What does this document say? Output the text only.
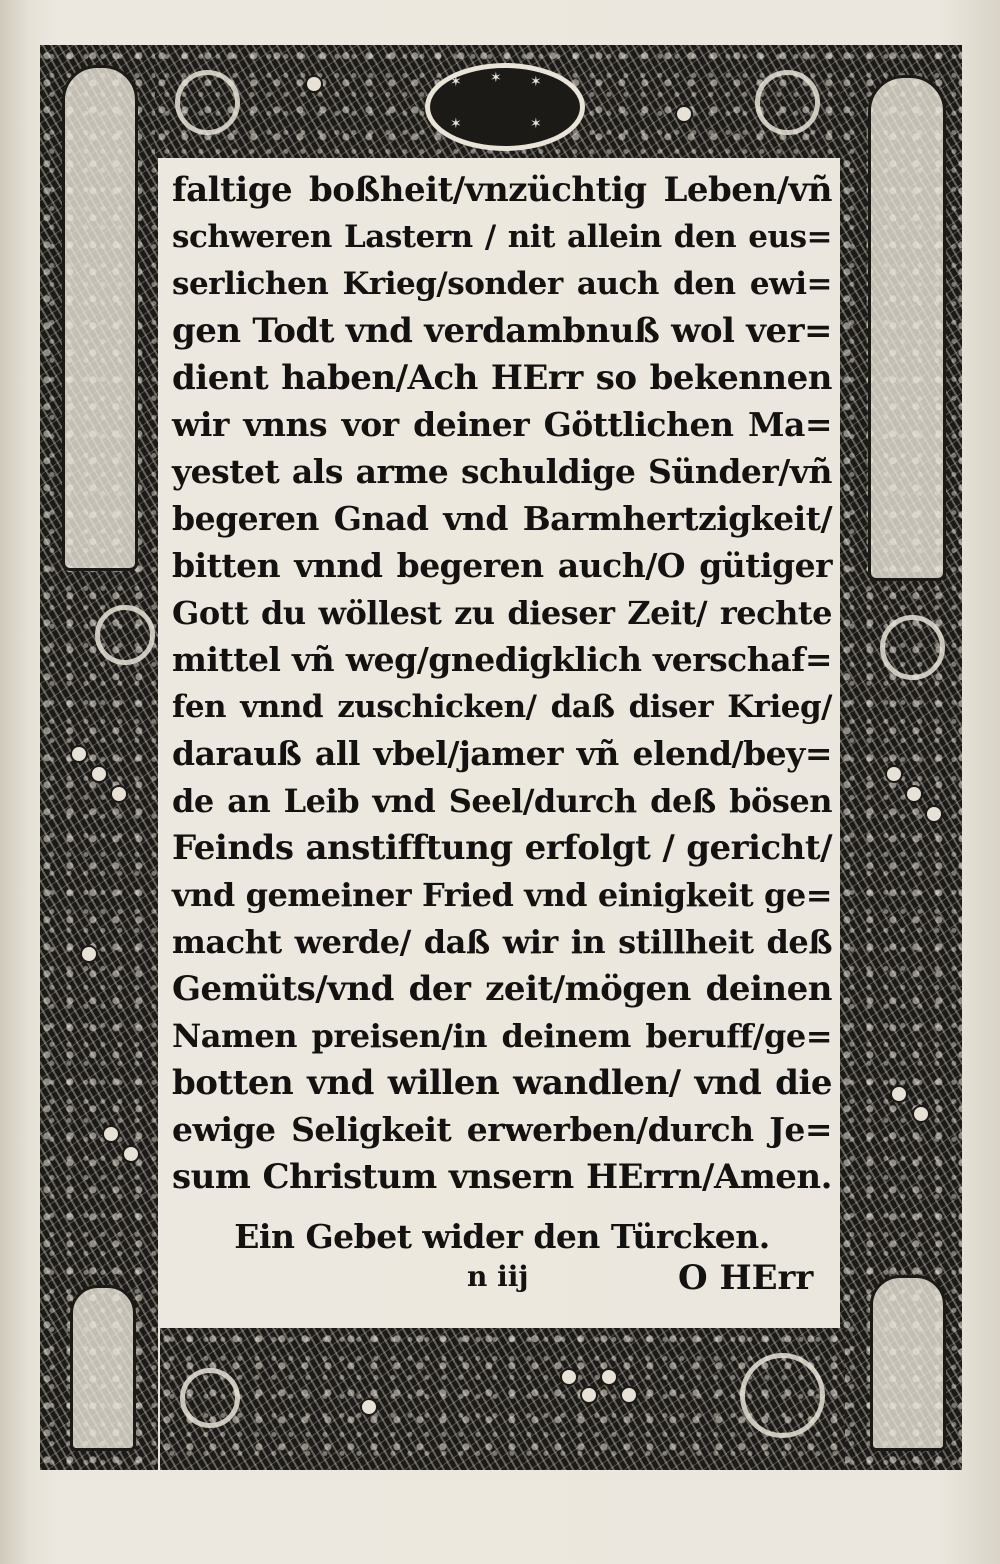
✶ ✶ ✶
✶	✶
faltige boßheit/vnzüchtig Leben/vñ
schweren Lastern / nit allein den eus=
serlichen Krieg/sonder auch den ewi=
gen Todt vnd verdambnuß wol ver=
dient haben/Ach HErr so bekennen
wir vnns vor deiner Göttlichen Ma=
yestet als arme schuldige Sünder/vñ
begeren Gnad vnd Barmhertzigkeit/
bitten vnnd begeren auch/O gütiger
Gott du wöllest zu dieser Zeit/ rechte
mittel vñ weg/gnedigklich verschaf=
fen vnnd zuschicken/ daß diser Krieg/
darauß all vbel/jamer vñ elend/bey=
de an Leib vnd Seel/durch deß bösen
Feinds anstifftung erfolgt / gericht/
vnd gemeiner Fried vnd einigkeit ge=
macht werde/ daß wir in stillheit deß
Gemüts/vnd der zeit/mögen deinen
Namen preisen/in deinem beruff/ge=
botten vnd willen wandlen/ vnd die
ewige Seligkeit erwerben/durch Je=
sum Christum vnsern HErrn/Amen.
Ein Gebet wider den Türcken.
n iij	O HErr
